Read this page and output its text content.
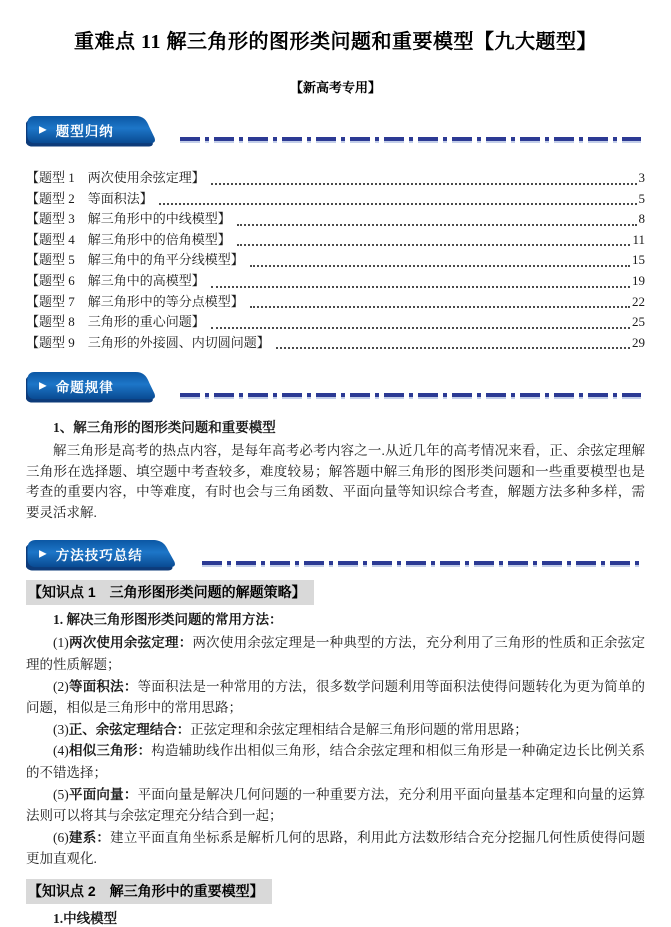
重难点 11 解三角形的图形类问题和重要模型【九大题型】
【新高考专用】
▶ 题型归纳
【题型 1　两次使用余弦定理】	3
【题型 2　等面积法】	5
【题型 3　解三角形中的中线模型】	8
【题型 4　解三角形中的倍角模型】	11
【题型 5　解三角中的角平分线模型】	15
【题型 6　解三角中的高模型】	19
【题型 7　解三角形中的等分点模型】	22
【题型 8　三角形的重心问题】	25
【题型 9　三角形的外接圆、内切圆问题】	29
▶ 命题规律
1、解三角形的图形类问题和重要模型
解三角形是高考的热点内容，是每年高考必考内容之一.从近几年的高考情况来看，正、余弦定理解三角形在选择题、填空题中考查较多，难度较易；解答题中解三角形的图形类问题和一些重要模型也是考查的重要内容，中等难度，有时也会与三角函数、平面向量等知识综合考查，解题方法多种多样，需要灵活求解.
▶ 方法技巧总结
【知识点 1　三角形图形类问题的解题策略】
1. 解决三角形图形类问题的常用方法：

(1)两次使用余弦定理：两次使用余弦定理是一种典型的方法，充分利用了三角形的性质和正余弦定理的性质解题；

(2)等面积法：等面积法是一种常用的方法，很多数学问题利用等面积法使得问题转化为更为简单的问题，相似是三角形中的常用思路；

(3)正、余弦定理结合：正弦定理和余弦定理相结合是解三角形问题的常用思路；

(4)相似三角形：构造辅助线作出相似三角形，结合余弦定理和相似三角形是一种确定边长比例关系的不错选择；

(5)平面向量：平面向量是解决几何问题的一种重要方法，充分利用平面向量基本定理和向量的运算法则可以将其与余弦定理充分结合到一起；

(6)建系：建立平面直角坐标系是解析几何的思路，利用此方法数形结合充分挖掘几何性质使得问题更加直观化.

【知识点 2　解三角形中的重要模型】
1.中线模型
